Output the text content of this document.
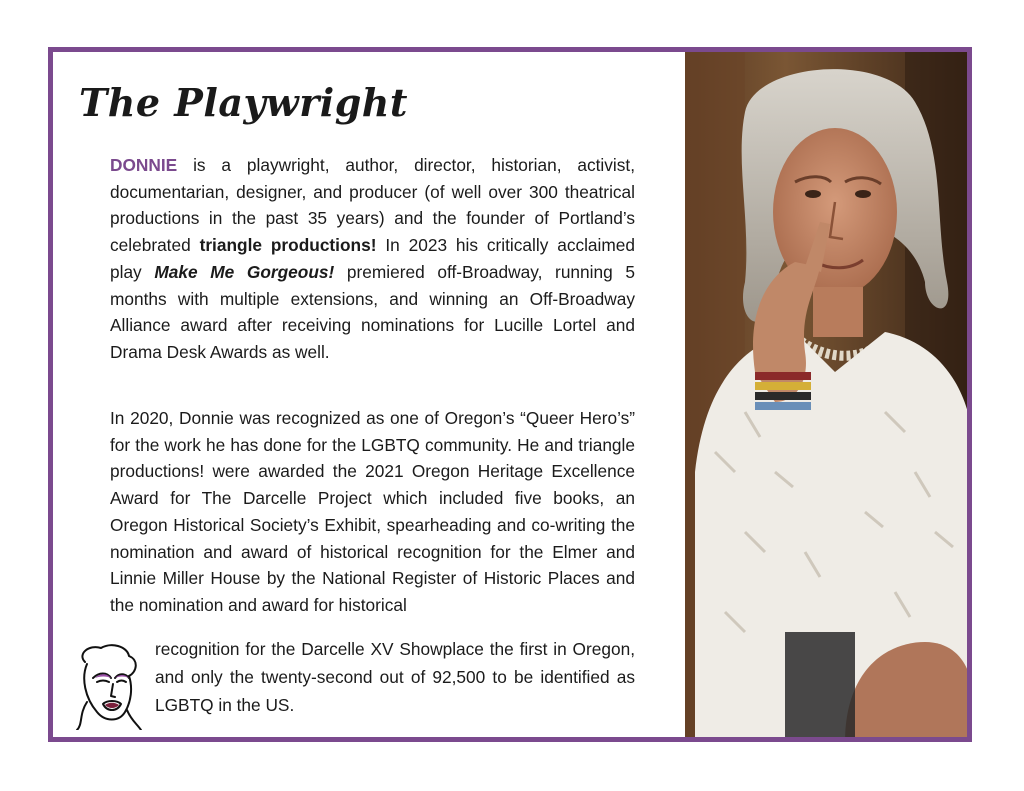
The Playwright

DONNIE is a playwright, author, director, historian, activist, documentarian, designer, and producer (of well over 300 theatrical productions in the past 35 years) and the founder of Portland’s celebrated triangle productions! In 2023 his critically acclaimed play Make Me Gorgeous! premiered off-Broadway, running 5 months with multiple extensions, and winning an Off-Broadway Alliance award after receiving nominations for Lucille Lortel and Drama Desk Awards as well.

In 2020, Donnie was recognized as one of Oregon’s “Queer Hero’s” for the work he has done for the LGBTQ community. He and triangle productions! were awarded the 2021 Oregon Heritage Excellence Award for The Darcelle Project which included five books, an Oregon Historical Society’s Exhibit, spearheading and co-writing the nomination and award of historical recognition for the Elmer and Linnie Miller House by the National Register of Historic Places and the nomination and award for historical

recognition for the Darcelle XV Showplace the first in Oregon, and only the twenty-second out of 92,500 to be identified as LGBTQ in the US.
